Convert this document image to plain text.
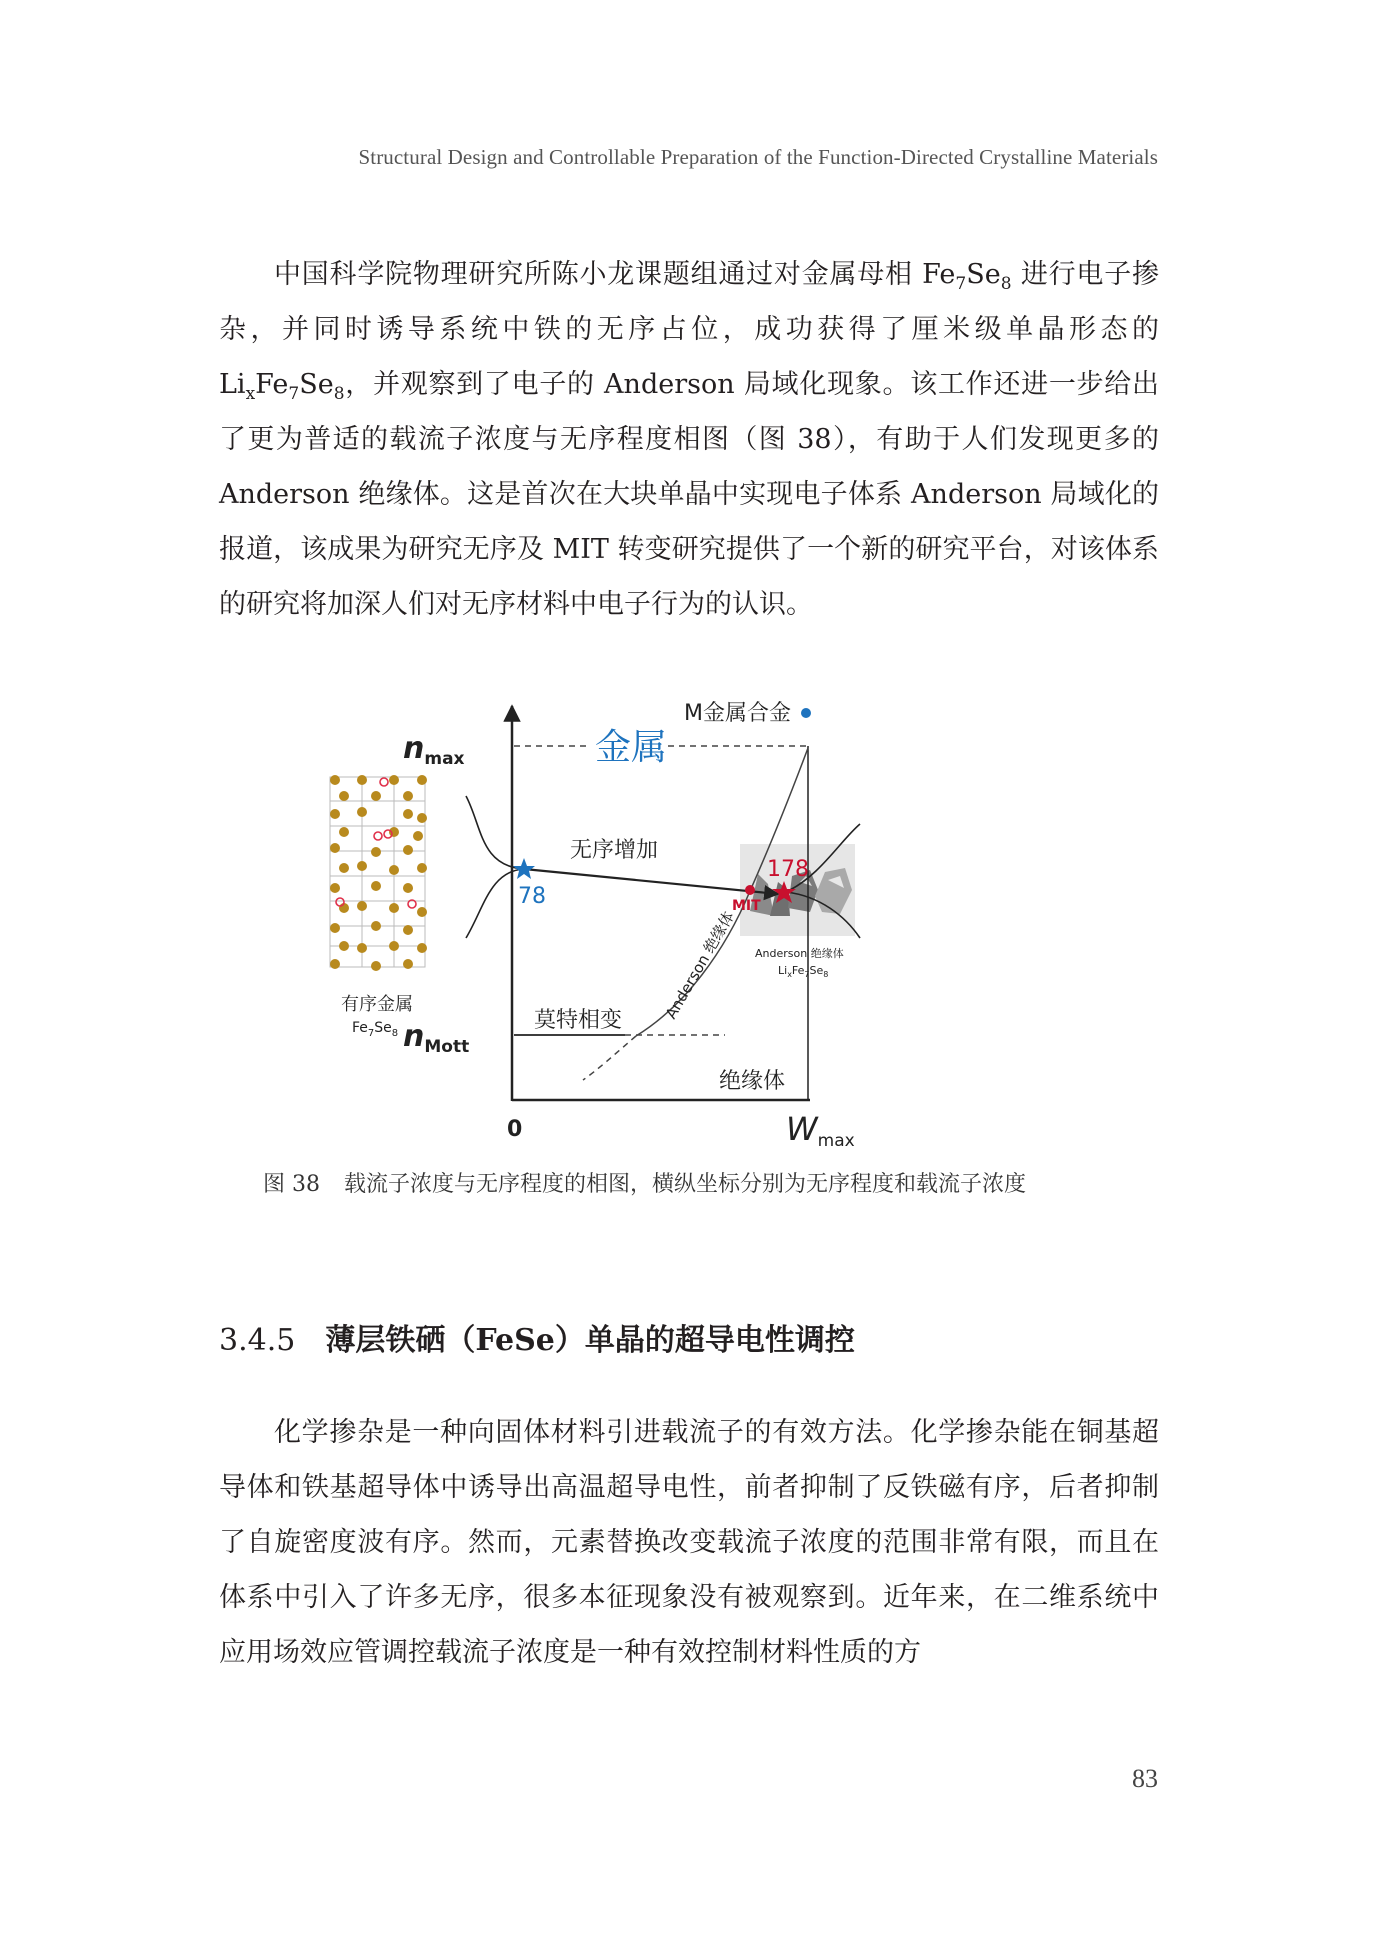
Structural Design and Controllable Preparation of the Function-Directed Crystalline Materials

中国科学院物理研究所陈小龙课题组通过对金属母相 $Fe_7Se_8$ 进行电子掺杂，并同时诱导系统中铁的无序占位，成功获得了厘米级单晶形态的 $Li_xFe_7Se_8$，并观察到了电子的 Anderson 局域化现象。该工作还进一步给出了更为普适的载流子浓度与无序程度相图（图 38），有助于人们发现更多的 Anderson 绝缘体。这是首次在大块单晶中实现电子体系 Anderson 局域化的报道，该成果为研究无序及 MIT 转变研究提供了一个新的研究平台，对该体系的研究将加深人们对无序材料中电子行为的认识。

有序金属
$Fe_7Se_8$
Anderson 绝缘体
$Li_xFe_7Se_8$
$n_{max}$
$n_{Mott}$
0	Wmax
M金属合金
金属
无序增加
78
178
MIT
Anderson 绝缘体
莫特相变
绝缘体
图 38 载流子浓度与无序程度的相图，横纵坐标分别为无序程度和载流子浓度
3.4.5 薄层铁硒（FeSe）单晶的超导电性调控

化学掺杂是一种向固体材料引进载流子的有效方法。化学掺杂能在铜基超导体和铁基超导体中诱导出高温超导电性，前者抑制了反铁磁有序，后者抑制了自旋密度波有序。然而，元素替换改变载流子浓度的范围非常有限，而且在体系中引入了许多无序，很多本征现象没有被观察到。近年来，在二维系统中应用场效应管调控载流子浓度是一种有效控制材料性质的方

83
